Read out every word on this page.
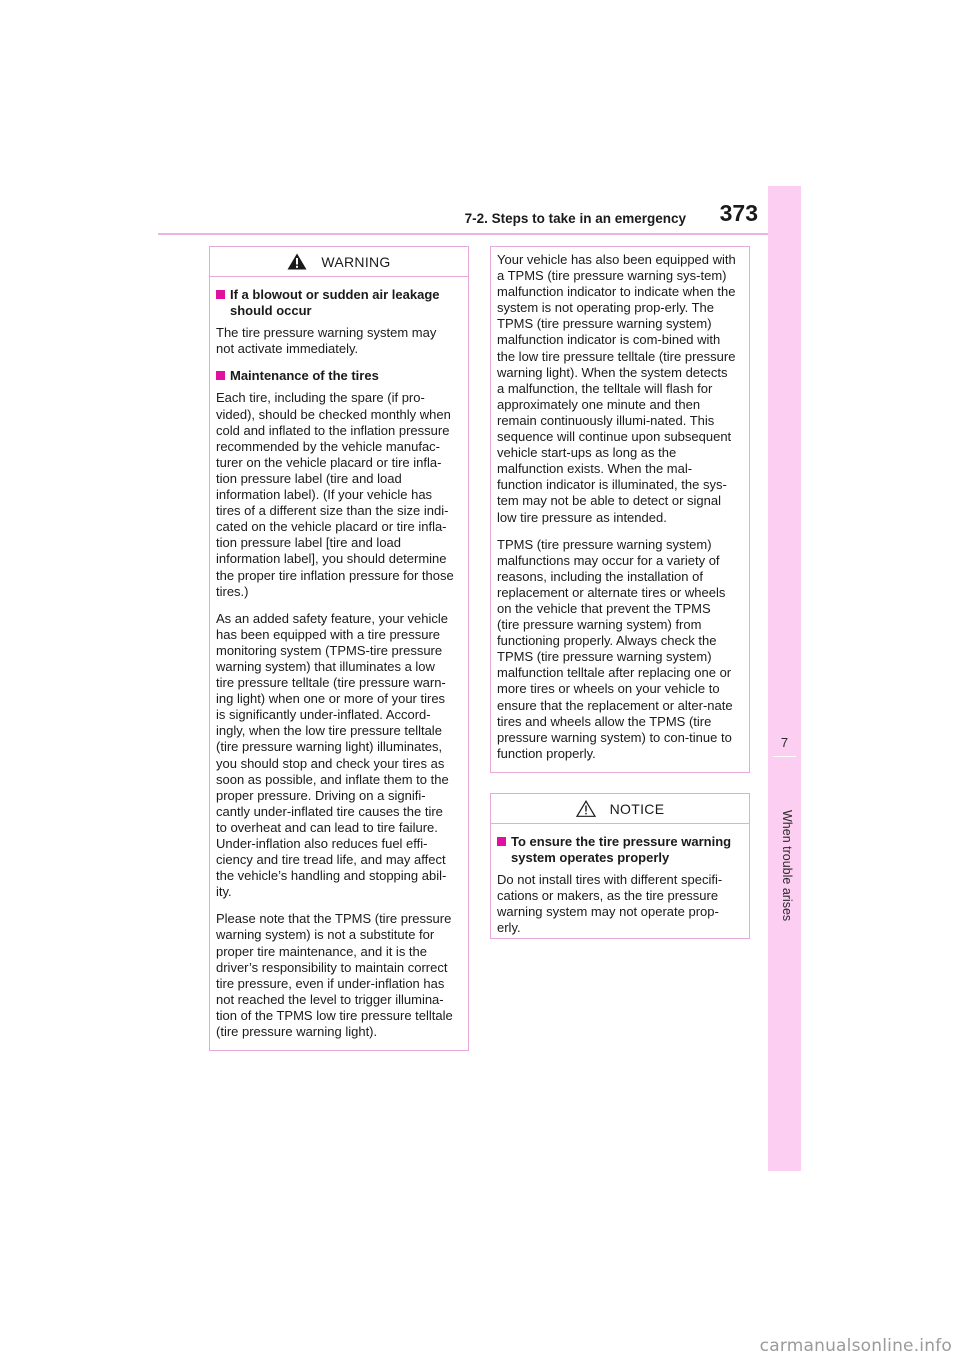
7-2. Steps to take in an emergency	373
7
When trouble arises
WARNING
If a blowout or sudden air leakage should occur

The tire pressure warning system may not activate immediately.

Maintenance of the tires

Each tire, including the spare (if pro-vided), should be checked monthly when cold and inflated to the inflation pressure recommended by the vehicle manufac-turer on the vehicle placard or tire infla-tion pressure label (tire and load information label). (If your vehicle has tires of a different size than the size indi-cated on the vehicle placard or tire infla-tion pressure label [tire and load information label], you should determine the proper tire inflation pressure for those tires.)

As an added safety feature, your vehicle has been equipped with a tire pressure monitoring system (TPMS-tire pressure warning system) that illuminates a low tire pressure telltale (tire pressure warn-ing light) when one or more of your tires is significantly under-inflated. Accord-ingly, when the low tire pressure telltale (tire pressure warning light) illuminates, you should stop and check your tires as soon as possible, and inflate them to the proper pressure. Driving on a signifi-cantly under-inflated tire causes the tire to overheat and can lead to tire failure. Under-inflation also reduces fuel effi-ciency and tire tread life, and may affect the vehicle’s handling and stopping abil-ity.

Please note that the TPMS (tire pressure warning system) is not a substitute for proper tire maintenance, and it is the driver’s responsibility to maintain correct tire pressure, even if under-inflation has not reached the level to trigger illumina-tion of the TPMS low tire pressure telltale (tire pressure warning light).

Your vehicle has also been equipped with a TPMS (tire pressure warning sys-tem) malfunction indicator to indicate when the system is not operating prop-erly. The TPMS (tire pressure warning system) malfunction indicator is com-bined with the low tire pressure telltale (tire pressure warning light). When the system detects a malfunction, the telltale will flash for approximately one minute and then remain continuously illumi-nated. This sequence will continue upon subsequent vehicle start-ups as long as the malfunction exists. When the mal-function indicator is illuminated, the sys-tem may not be able to detect or signal low tire pressure as intended.

TPMS (tire pressure warning system) malfunctions may occur for a variety of reasons, including the installation of replacement or alternate tires or wheels on the vehicle that prevent the TPMS (tire pressure warning system) from functioning properly. Always check the TPMS (tire pressure warning system) malfunction telltale after replacing one or more tires or wheels on your vehicle to ensure that the replacement or alter-nate tires and wheels allow the TPMS (tire pressure warning system) to con-tinue to function properly.

NOTICE
To ensure the tire pressure warning system operates properly

Do not install tires with different specifi-cations or makers, as the tire pressure warning system may not operate prop-erly.

carmanualsonline.info
